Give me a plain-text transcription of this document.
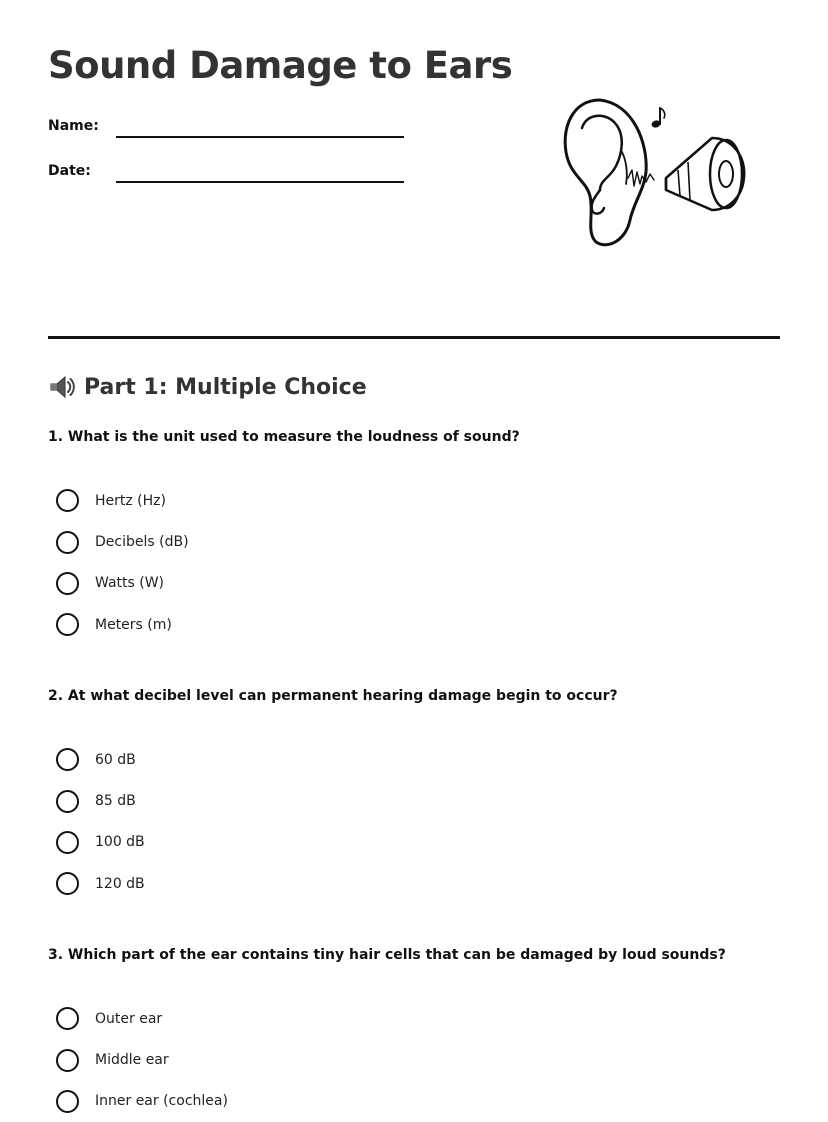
Sound Damage to Ears
Name:
Date:
Part 1: Multiple Choice

1. What is the unit used to measure the loudness of sound?

Hertz (Hz)
Decibels (dB)
Watts (W)
Meters (m)

2. At what decibel level can permanent hearing damage begin to occur?

60 dB
85 dB
100 dB
120 dB

3. Which part of the ear contains tiny hair cells that can be damaged by loud sounds?

Outer ear
Middle ear
Inner ear (cochlea)
